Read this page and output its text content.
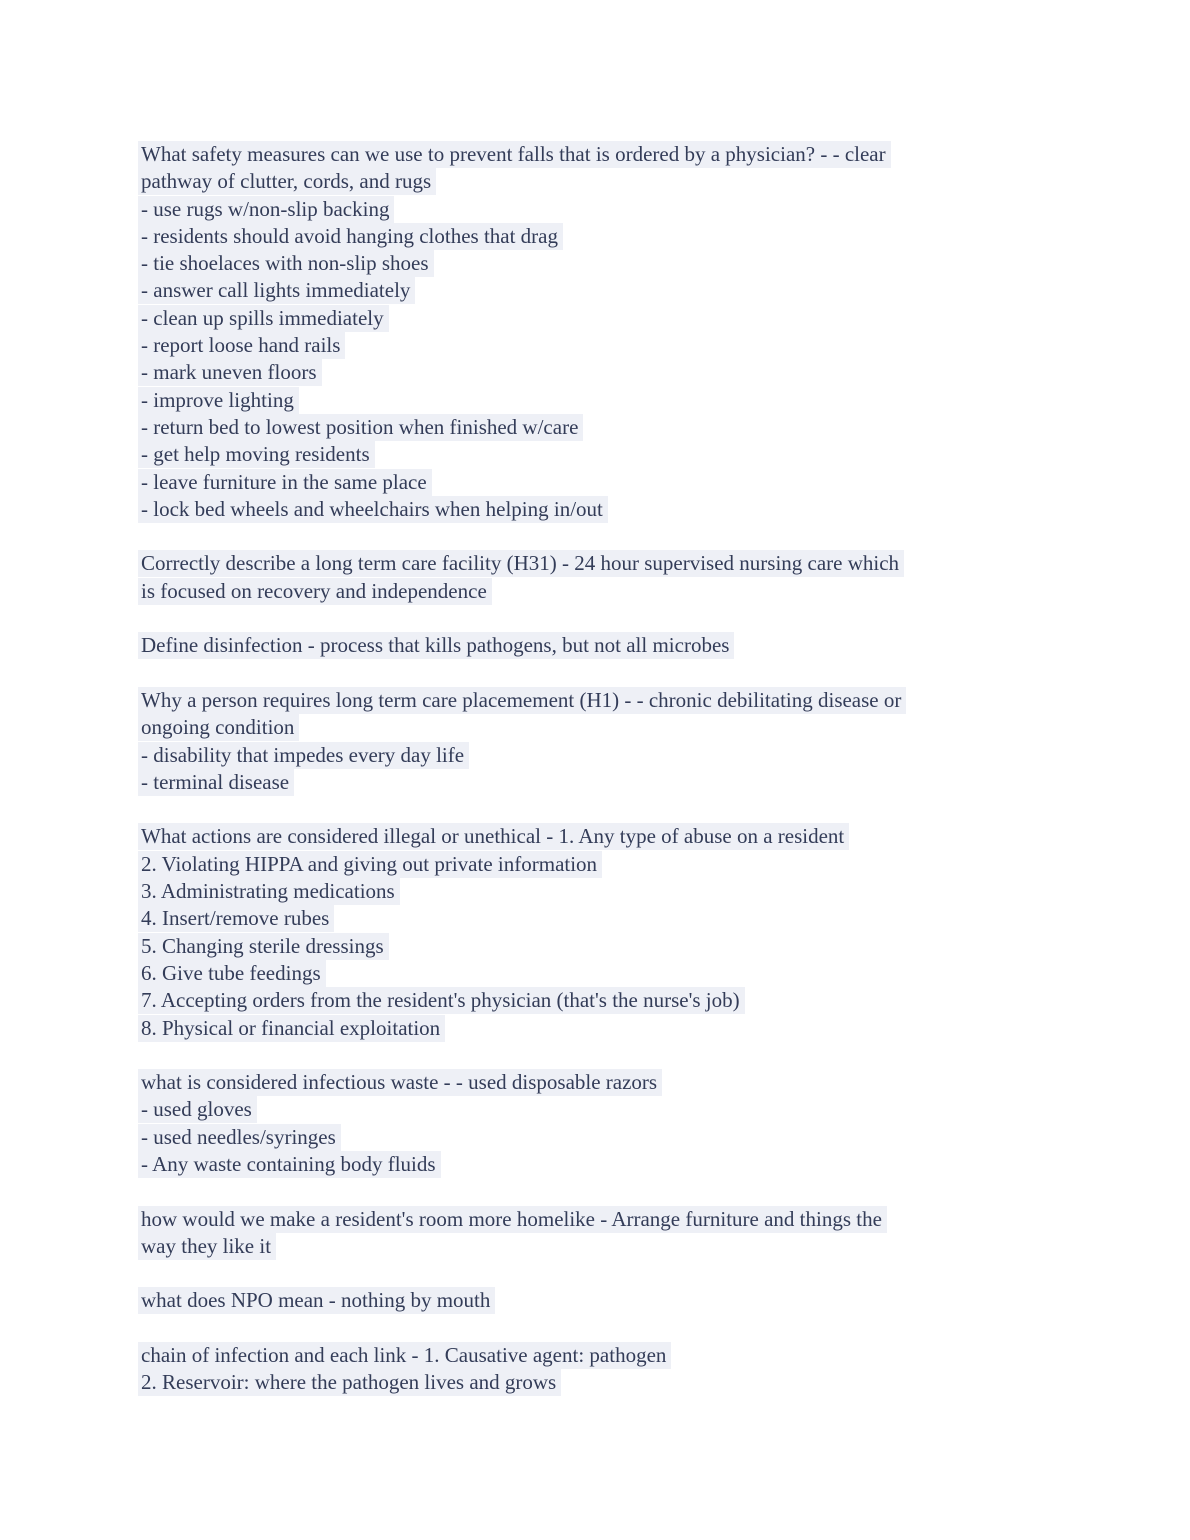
What safety measures can we use to prevent falls that is ordered by a physician? - - clear
pathway of clutter, cords, and rugs
- use rugs w/non-slip backing
- residents should avoid hanging clothes that drag
- tie shoelaces with non-slip shoes
- answer call lights immediately
- clean up spills immediately
- report loose hand rails
- mark uneven floors
- improve lighting
- return bed to lowest position when finished w/care
- get help moving residents
- leave furniture in the same place
- lock bed wheels and wheelchairs when helping in/out
Correctly describe a long term care facility (H31) - 24 hour supervised nursing care which
is focused on recovery and independence
Define disinfection - process that kills pathogens, but not all microbes
Why a person requires long term care placemement (H1) - - chronic debilitating disease or
ongoing condition
- disability that impedes every day life
- terminal disease
What actions are considered illegal or unethical - 1. Any type of abuse on a resident
2. Violating HIPPA and giving out private information
3. Administrating medications
4. Insert/remove rubes
5. Changing sterile dressings
6. Give tube feedings
7. Accepting orders from the resident's physician (that's the nurse's job)
8. Physical or financial exploitation
what is considered infectious waste - - used disposable razors
- used gloves
- used needles/syringes
- Any waste containing body fluids
how would we make a resident's room more homelike - Arrange furniture and things the
way they like it
what does NPO mean - nothing by mouth
chain of infection and each link - 1. Causative agent: pathogen
2. Reservoir: where the pathogen lives and grows
